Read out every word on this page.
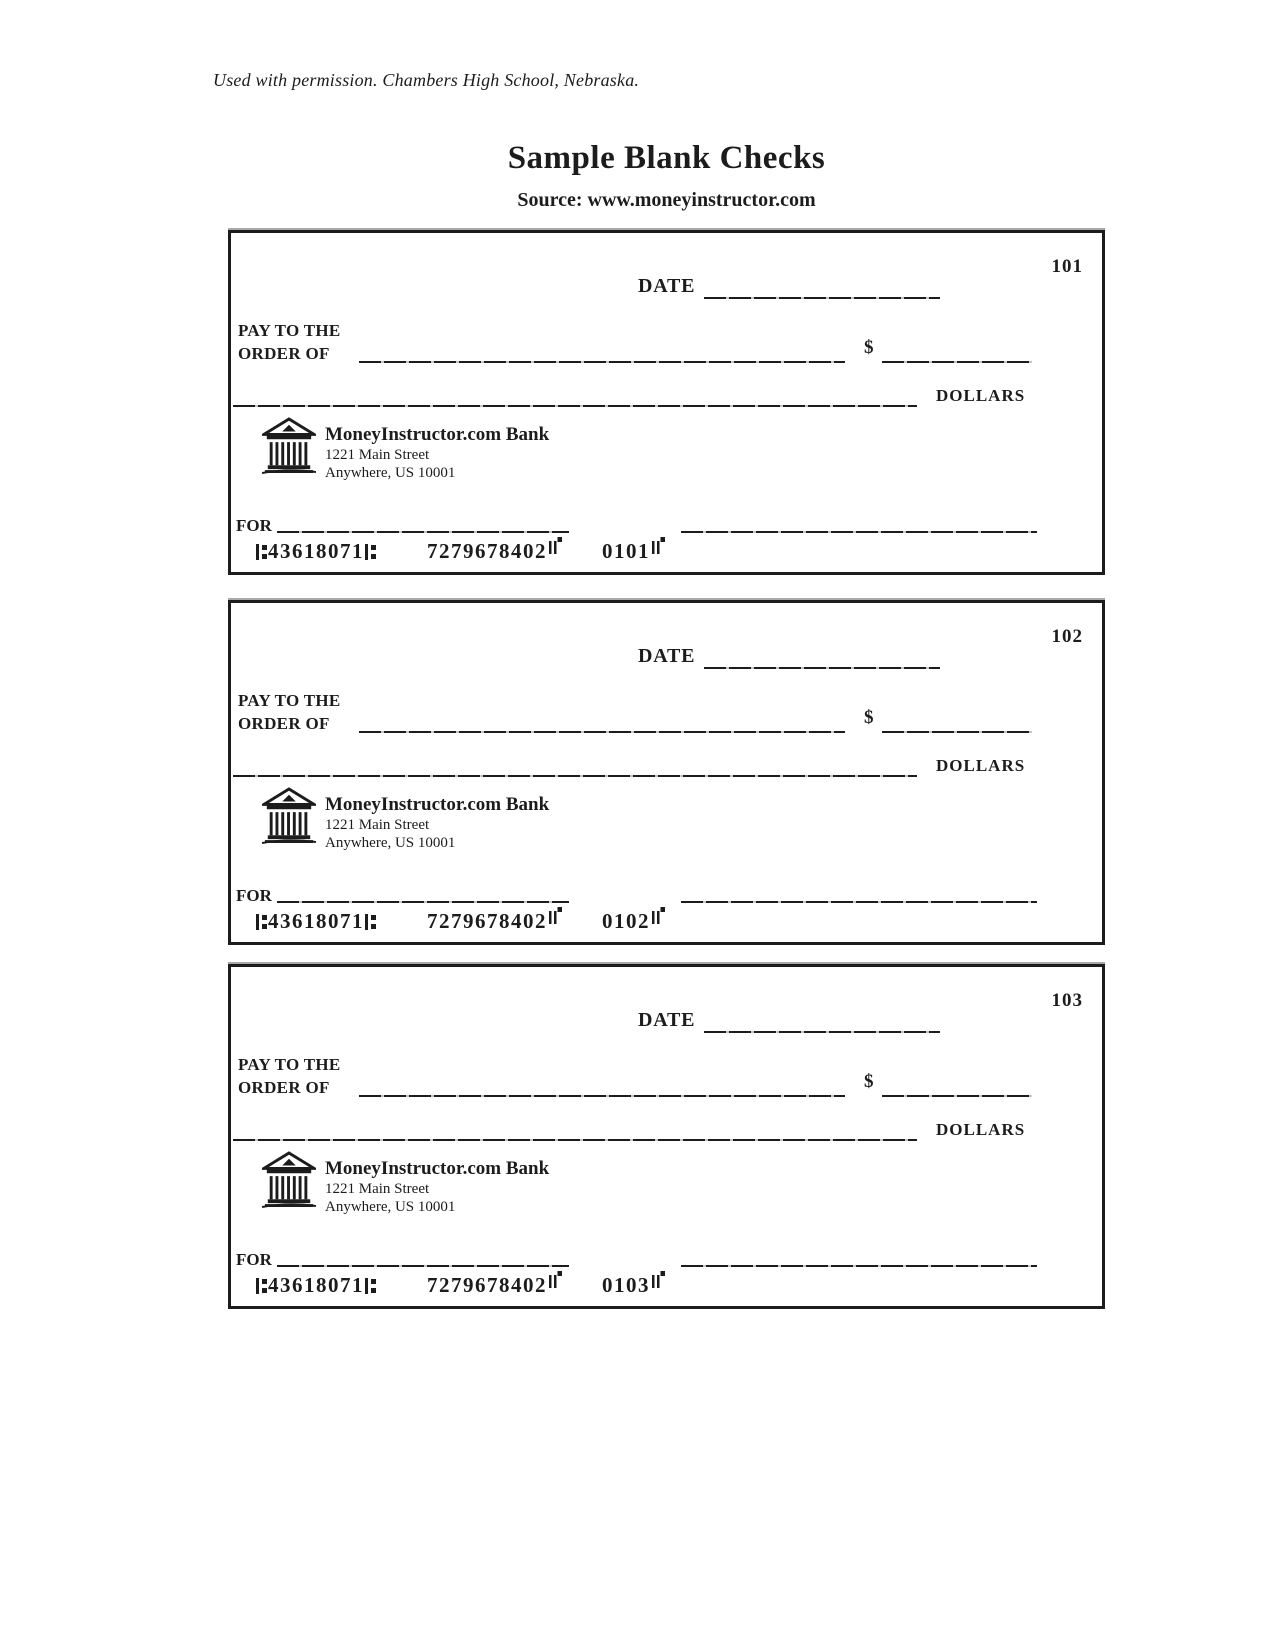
Used with permission. Chambers High School, Nebraska.
Sample Blank Checks
Source: www.moneyinstructor.com
101
DATE
PAY TO THE
ORDER OF	$
DOLLARS
MoneyInstructor.com Bank
1221 Main Street
Anywhere, US 10001
FOR
43618071	7279678402	0101
102
DATE
PAY TO THE
ORDER OF	$
DOLLARS
MoneyInstructor.com Bank
1221 Main Street
Anywhere, US 10001
FOR
43618071	7279678402	0102
103
DATE
PAY TO THE
ORDER OF	$
DOLLARS
MoneyInstructor.com Bank
1221 Main Street
Anywhere, US 10001
FOR
43618071	7279678402	0103
